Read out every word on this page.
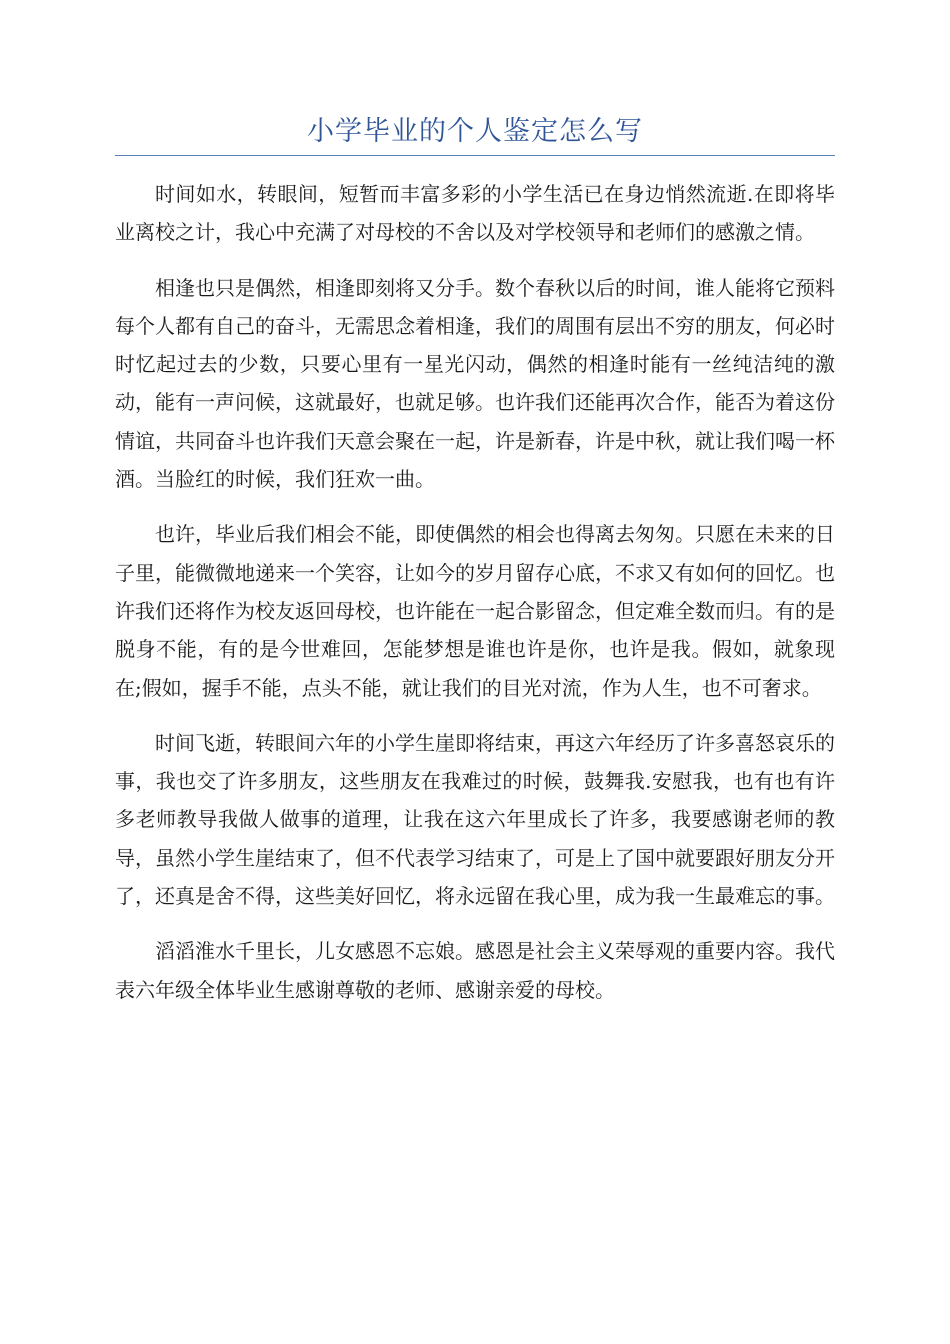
小学毕业的个人鉴定怎么写

时间如水，转眼间，短暂而丰富多彩的小学生活已在身边悄然流逝.在即将毕业离校之计，我心中充满了对母校的不舍以及对学校领导和老师们的感激之情。

相逢也只是偶然，相逢即刻将又分手。数个春秋以后的时间，谁人能将它预料每个人都有自己的奋斗，无需思念着相逢，我们的周围有层出不穷的朋友，何必时时忆起过去的少数，只要心里有一星光闪动，偶然的相逢时能有一丝纯洁纯的激动，能有一声问候，这就最好，也就足够。也许我们还能再次合作，能否为着这份情谊，共同奋斗也许我们天意会聚在一起，许是新春，许是中秋，就让我们喝一杯酒。当脸红的时候，我们狂欢一曲。

也许，毕业后我们相会不能，即使偶然的相会也得离去匆匆。只愿在未来的日子里，能微微地递来一个笑容，让如今的岁月留存心底，不求又有如何的回忆。也许我们还将作为校友返回母校，也许能在一起合影留念，但定难全数而归。有的是脱身不能，有的是今世难回，怎能梦想是谁也许是你，也许是我。假如，就象现在;假如，握手不能，点头不能，就让我们的目光对流，作为人生，也不可奢求。

时间飞逝，转眼间六年的小学生崖即将结束，再这六年经历了许多喜怒哀乐的事，我也交了许多朋友，这些朋友在我难过的时候，鼓舞我.安慰我，也有也有许多老师教导我做人做事的道理，让我在这六年里成长了许多，我要感谢老师的教导，虽然小学生崖结束了，但不代表学习结束了，可是上了国中就要跟好朋友分开了，还真是舍不得，这些美好回忆，将永远留在我心里，成为我一生最难忘的事。

滔滔淮水千里长，儿女感恩不忘娘。感恩是社会主义荣辱观的重要内容。我代表六年级全体毕业生感谢尊敬的老师、感谢亲爱的母校。
